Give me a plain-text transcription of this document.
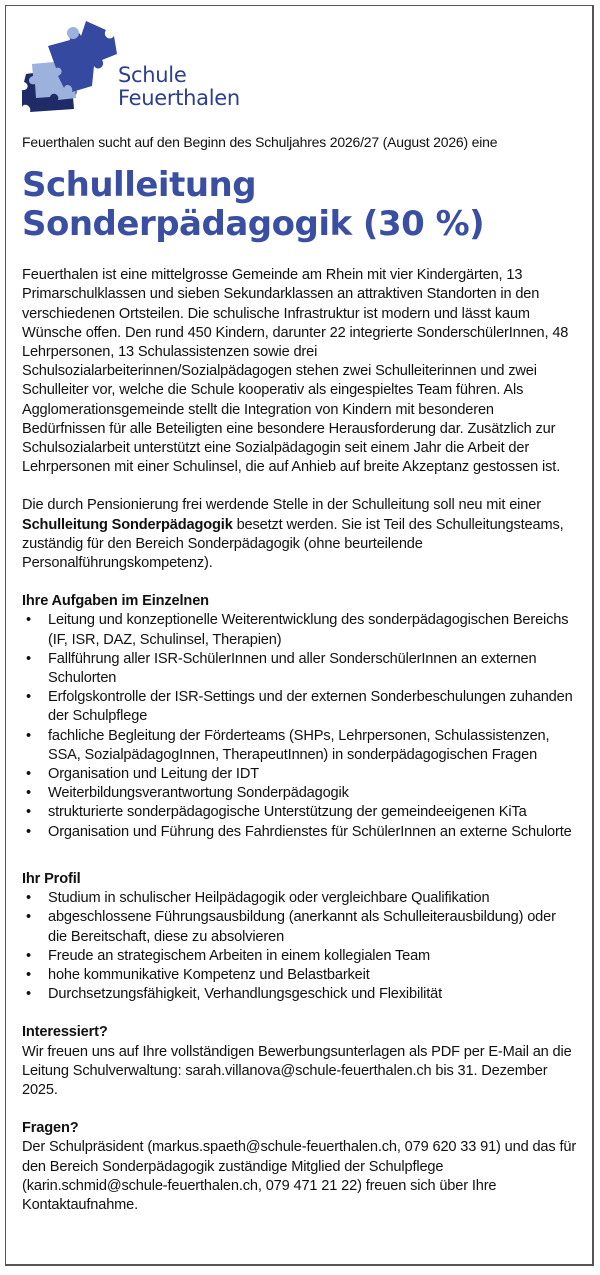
Schule
Feuerthalen

Feuerthalen sucht auf den Beginn des Schuljahres 2026/27 (August 2026) eine

Schulleitung
Sonderpädagogik (30 %)

Feuerthalen ist eine mittelgrosse Gemeinde am Rhein mit vier Kindergärten, 13 Primarschulklassen und sieben Sekundarklassen an attraktiven Standorten in den verschiedenen Ortsteilen. Die schulische Infrastruktur ist modern und lässt kaum Wünsche offen. Den rund 450 Kindern, darunter 22 integrierte SonderschülerInnen, 48 Lehrpersonen, 13 Schulassistenzen sowie drei Schulsozialarbeiterinnen/Sozialpädagogen stehen zwei Schulleiterinnen und zwei Schulleiter vor, welche die Schule kooperativ als eingespieltes Team führen. Als Agglomerationsgemeinde stellt die Integration von Kindern mit besonderen Bedürfnissen für alle Beteiligten eine besondere Herausforderung dar. Zusätzlich zur Schulsozialarbeit unterstützt eine Sozialpädagogin seit einem Jahr die Arbeit der Lehrpersonen mit einer Schulinsel, die auf Anhieb auf breite Akzeptanz gestossen ist.

Die durch Pensionierung frei werdende Stelle in der Schulleitung soll neu mit einer Schulleitung Sonderpädagogik besetzt werden. Sie ist Teil des Schulleitungsteams, zuständig für den Bereich Sonderpädagogik (ohne beurteilende Personalführungskompetenz).

Ihre Aufgaben im Einzelnen
• Leitung und konzeptionelle Weiterentwicklung des sonderpädagogischen Bereichs (IF, ISR, DAZ, Schulinsel, Therapien)
• Fallführung aller ISR-SchülerInnen und aller SonderschülerInnen an externen Schulorten
• Erfolgskontrolle der ISR-Settings und der externen Sonderbeschulungen zuhanden der Schulpflege
• fachliche Begleitung der Förderteams (SHPs, Lehrpersonen, Schulassistenzen, SSA, SozialpädagogInnen, TherapeutInnen) in sonderpädagogischen Fragen
• Organisation und Leitung der IDT
• Weiterbildungsverantwortung Sonderpädagogik
• strukturierte sonderpädagogische Unterstützung der gemeindeeigenen KiTa
• Organisation und Führung des Fahrdienstes für SchülerInnen an externe Schulorte
Ihr Profil
• Studium in schulischer Heilpädagogik oder vergleichbare Qualifikation
• abgeschlossene Führungsausbildung (anerkannt als Schulleiterausbildung) oder die Bereitschaft, diese zu absolvieren
• Freude an strategischem Arbeiten in einem kollegialen Team
• hohe kommunikative Kompetenz und Belastbarkeit
• Durchsetzungsfähigkeit, Verhandlungsgeschick und Flexibilität
Interessiert?
Wir freuen uns auf Ihre vollständigen Bewerbungsunterlagen als PDF per E-Mail an die Leitung Schulverwaltung: sarah.villanova@schule-feuerthalen.ch bis 31. Dezember 2025.
Fragen?
Der Schulpräsident (markus.spaeth@schule-feuerthalen.ch, 079 620 33 91) und das für den Bereich Sonderpädagogik zuständige Mitglied der Schulpflege (karin.schmid@schule-feuerthalen.ch, 079 471 21 22) freuen sich über Ihre Kontaktaufnahme.
